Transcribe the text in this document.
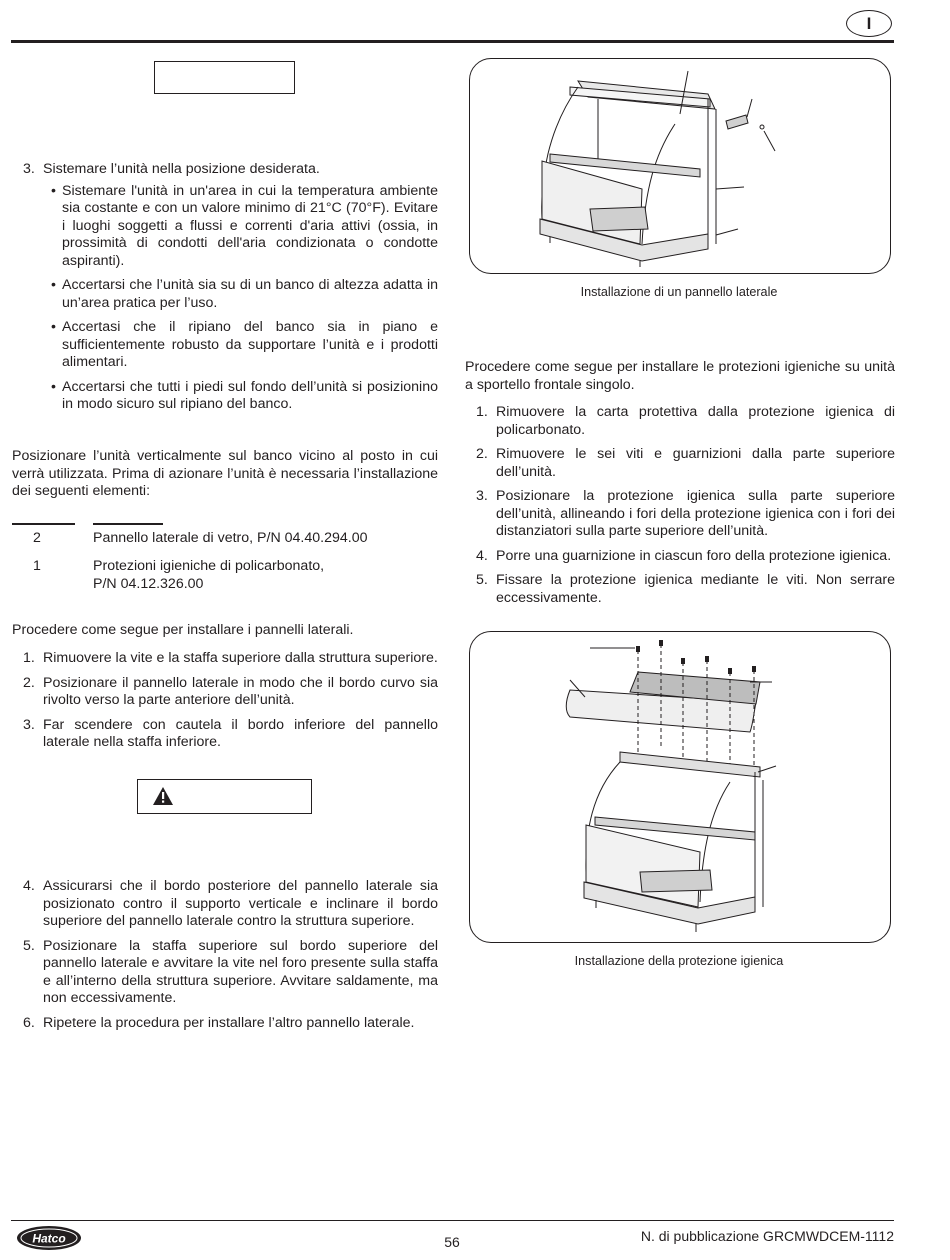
I
3. Sistemare l’unità nella posizione desiderata.
• Sistemare l'unità in un'area in cui la temperatura ambiente sia costante e con un valore minimo di 21°C (70°F). Evitare i luoghi soggetti a flussi e correnti d'aria attivi (ossia, in prossimità di condotti dell'aria condizionata o condotte aspiranti).
• Accertarsi che l’unità sia su di un banco di altezza adatta in un’area pratica per l’uso.
• Accertasi che il ripiano del banco sia in piano e sufficientemente robusto da supportare l’unità e i prodotti alimentari.
• Accertarsi che tutti i piedi sul fondo dell’unità si posizionino in modo sicuro sul ripiano del banco.

Posizionare l’unità verticalmente sul banco vicino al posto in cui verrà utilizzata. Prima di azionare l’unità è necessaria l’installazione dei seguenti elementi:

2	Pannello laterale di vetro, P/N 04.40.294.00
1	Protezioni igieniche di policarbonato,
P/N 04.12.326.00

Procedere come segue per installare i pannelli laterali.

1. Rimuovere la vite e la staffa superiore dalla struttura superiore.
2. Posizionare il pannello laterale in modo che il bordo curvo sia rivolto verso la parte anteriore dell’unità.
3. Far scendere con cautela il bordo inferiore del pannello laterale nella staffa inferiore.
4. Assicurarsi che il bordo posteriore del pannello laterale sia posizionato contro il supporto verticale e inclinare il bordo superiore del pannello laterale contro la struttura superiore.
5. Posizionare la staffa superiore sul bordo superiore del pannello laterale e avvitare la vite nel foro presente sulla staffa e all’interno della struttura superiore. Avvitare saldamente, ma non eccessivamente.
6. Ripetere la procedura per installare l’altro pannello laterale.
Installazione di un pannello laterale

Procedere come segue per installare le protezioni igieniche su unità a sportello frontale singolo.

1. Rimuovere la carta protettiva dalla protezione igienica di policarbonato.
2. Rimuovere le sei viti e guarnizioni dalla parte superiore dell’unità.
3. Posizionare la protezione igienica sulla parte superiore dell’unità, allineando i fori della protezione igienica con i fori dei distanziatori sulla parte superiore dell’unità.
4. Porre una guarnizione in ciascun foro della protezione igienica.
5. Fissare la protezione igienica mediante le viti. Non serrare eccessivamente.
Installazione della protezione igienica
Hatco	56	N. di pubblicazione GRCMWDCEM-1112
